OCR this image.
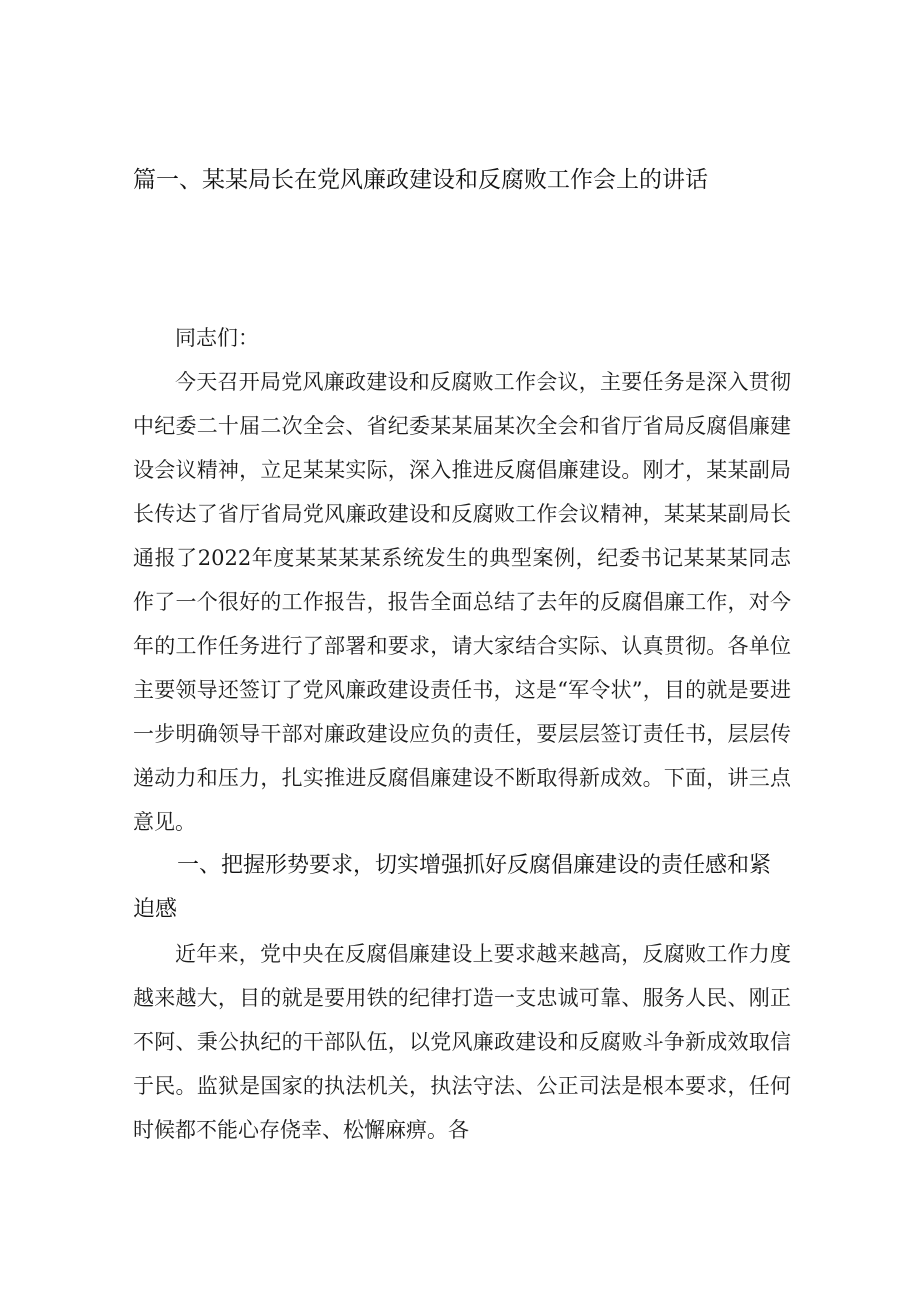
篇一、某某局长在党风廉政建设和反腐败工作会上的讲话

同志们：

今天召开局党风廉政建设和反腐败工作会议，主要任务是深入贯彻中纪委二十届二次全会、省纪委某某届某次全会和省厅省局反腐倡廉建设会议精神，立足某某实际，深入推进反腐倡廉建设。刚才，某某副局长传达了省厅省局党风廉政建设和反腐败工作会议精神，某某某副局长通报了2022年度某某某某系统发生的典型案例，纪委书记某某某同志作了一个很好的工作报告，报告全面总结了去年的反腐倡廉工作，对今年的工作任务进行了部署和要求，请大家结合实际、认真贯彻。各单位主要领导还签订了党风廉政建设责任书，这是“军令状”，目的就是要进一步明确领导干部对廉政建设应负的责任，要层层签订责任书，层层传递动力和压力，扎实推进反腐倡廉建设不断取得新成效。下面，讲三点意见。

一、把握形势要求，切实增强抓好反腐倡廉建设的责任感和紧迫感

近年来，党中央在反腐倡廉建设上要求越来越高，反腐败工作力度越来越大，目的就是要用铁的纪律打造一支忠诚可靠、服务人民、刚正不阿、秉公执纪的干部队伍，以党风廉政建设和反腐败斗争新成效取信于民。监狱是国家的执法机关，执法守法、公正司法是根本要求，任何时候都不能心存侥幸、松懈麻痹。各
